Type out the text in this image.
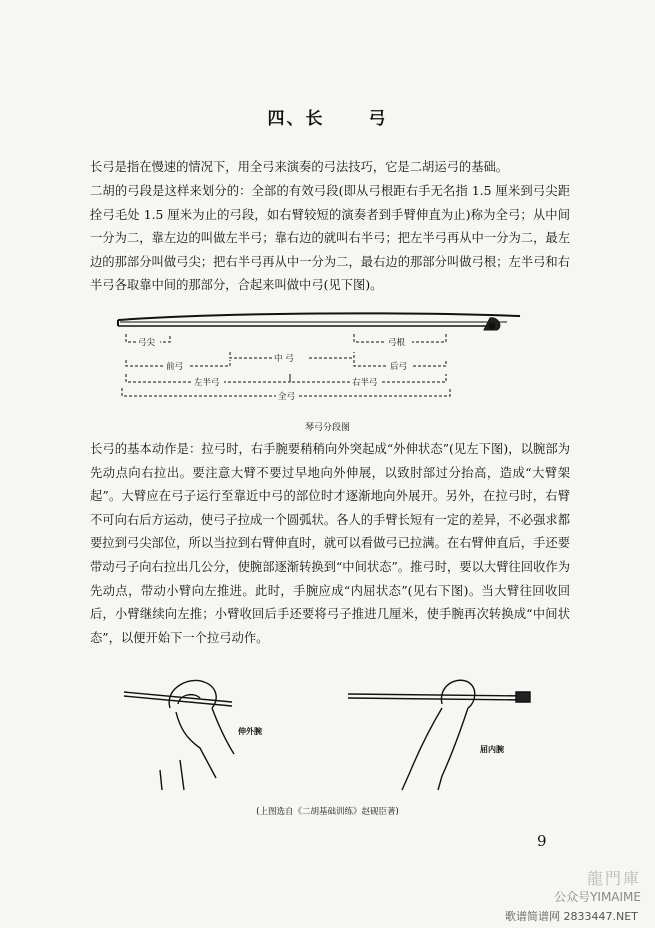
四、长	弓
长弓是指在慢速的情况下，用全弓来演奏的弓法技巧，它是二胡运弓的基础。
二胡的弓段是这样来划分的：全部的有效弓段(即从弓根距右手无名指 1.5 厘米到弓尖距拴弓毛处 1.5 厘米为止的弓段，如右臂较短的演奏者到手臂伸直为止)称为全弓；从中间一分为二，靠左边的叫做左半弓；靠右边的就叫右半弓；把左半弓再从中一分为二，最左边的那部分叫做弓尖；把右半弓再从中一分为二，最右边的那部分叫做弓根；左半弓和右半弓各取靠中间的那部分，合起来叫做中弓(见下图)。
弓尖	弓根
前弓
中 弓
后弓
左半弓	右半弓
全弓
琴弓分段图
长弓的基本动作是：拉弓时，右手腕要稍稍向外突起成“外伸状态”(见左下图)，以腕部为先动点向右拉出。要注意大臂不要过早地向外伸展，以致肘部过分抬高，造成“大臂架起”。大臂应在弓子运行至靠近中弓的部位时才逐渐地向外展开。另外，在拉弓时，右臂不可向右后方运动，使弓子拉成一个圆弧状。各人的手臂长短有一定的差异，不必强求都要拉到弓尖部位，所以当拉到右臂伸直时，就可以看做弓已拉满。在右臂伸直后，手还要带动弓子向右拉出几公分，使腕部逐渐转换到“中间状态”。推弓时，要以大臂往回收作为先动点，带动小臂向左推进。此时，手腕应成“内屈状态”(见右下图)。当大臂往回收回后，小臂继续向左推；小臂收回后手还要将弓子推进几厘米，使手腕再次转换成“中间状态”，以便开始下一个拉弓动作。
伸外腕
屈内腕
(上图选自《二胡基础训练》赵砚臣著)
9
龍門庫
公众号YIMAIME
歌谱简谱网 2833447.NET
